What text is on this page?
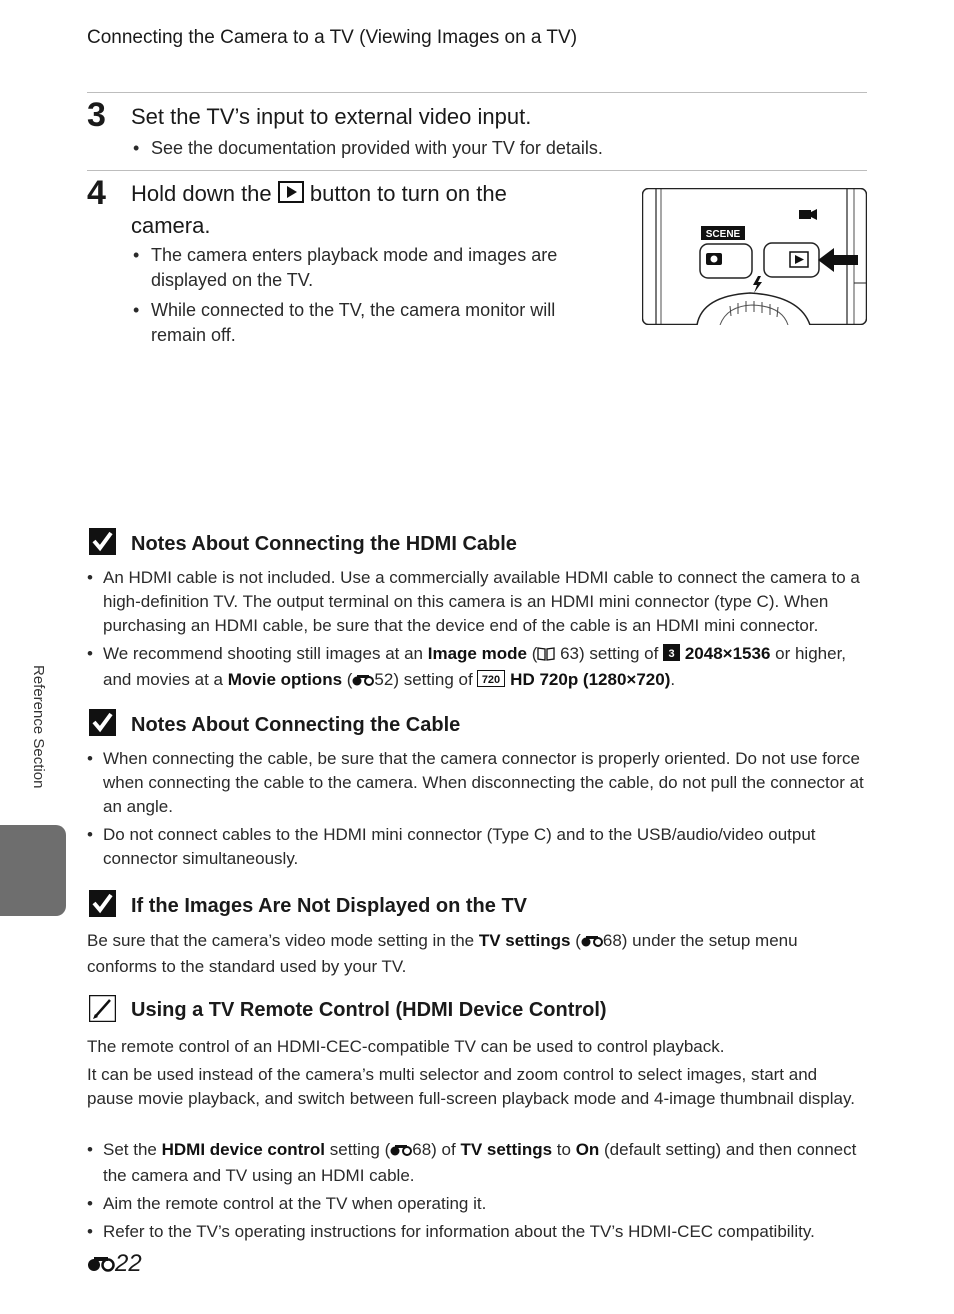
Connecting the Camera to a TV (Viewing Images on a TV)
3 Set the TV’s input to external video input.
• See the documentation provided with your TV for details.
4 Hold down the button to turn on the
camera.
• The camera enters playback mode and images are displayed on the TV.
• While connected to the TV, the camera monitor will remain off.
SCENE
Notes About Connecting the HDMI Cable
• An HDMI cable is not included. Use a commercially available HDMI cable to connect the camera to a high-definition TV. The output terminal on this camera is an HDMI mini connector (type C). When purchasing an HDMI cable, be sure that the device end of the cable is an HDMI mini connector.
• We recommend shooting still images at an Image mode ( 63) setting of 3 2048×1536 or higher, and movies at a Movie options ( 52) setting of 720 HD 720p (1280×720).
Notes About Connecting the Cable
• When connecting the cable, be sure that the camera connector is properly oriented. Do not use force when connecting the cable to the camera. When disconnecting the cable, do not pull the connector at an angle.
• Do not connect cables to the HDMI mini connector (Type C) and to the USB/audio/video output connector simultaneously.
If the Images Are Not Displayed on the TV
Be sure that the camera’s video mode setting in the TV settings ( 68) under the setup menu conforms to the standard used by your TV.
Using a TV Remote Control (HDMI Device Control)
The remote control of an HDMI-CEC-compatible TV can be used to control playback.
It can be used instead of the camera’s multi selector and zoom control to select images, start and pause movie playback, and switch between full-screen playback mode and 4-image thumbnail display.
• Set the HDMI device control setting ( 68) of TV settings to On (default setting) and then connect the camera and TV using an HDMI cable.
• Aim the remote control at the TV when operating it.
• Refer to the TV’s operating instructions for information about the TV’s HDMI-CEC compatibility.
Reference Section
22
